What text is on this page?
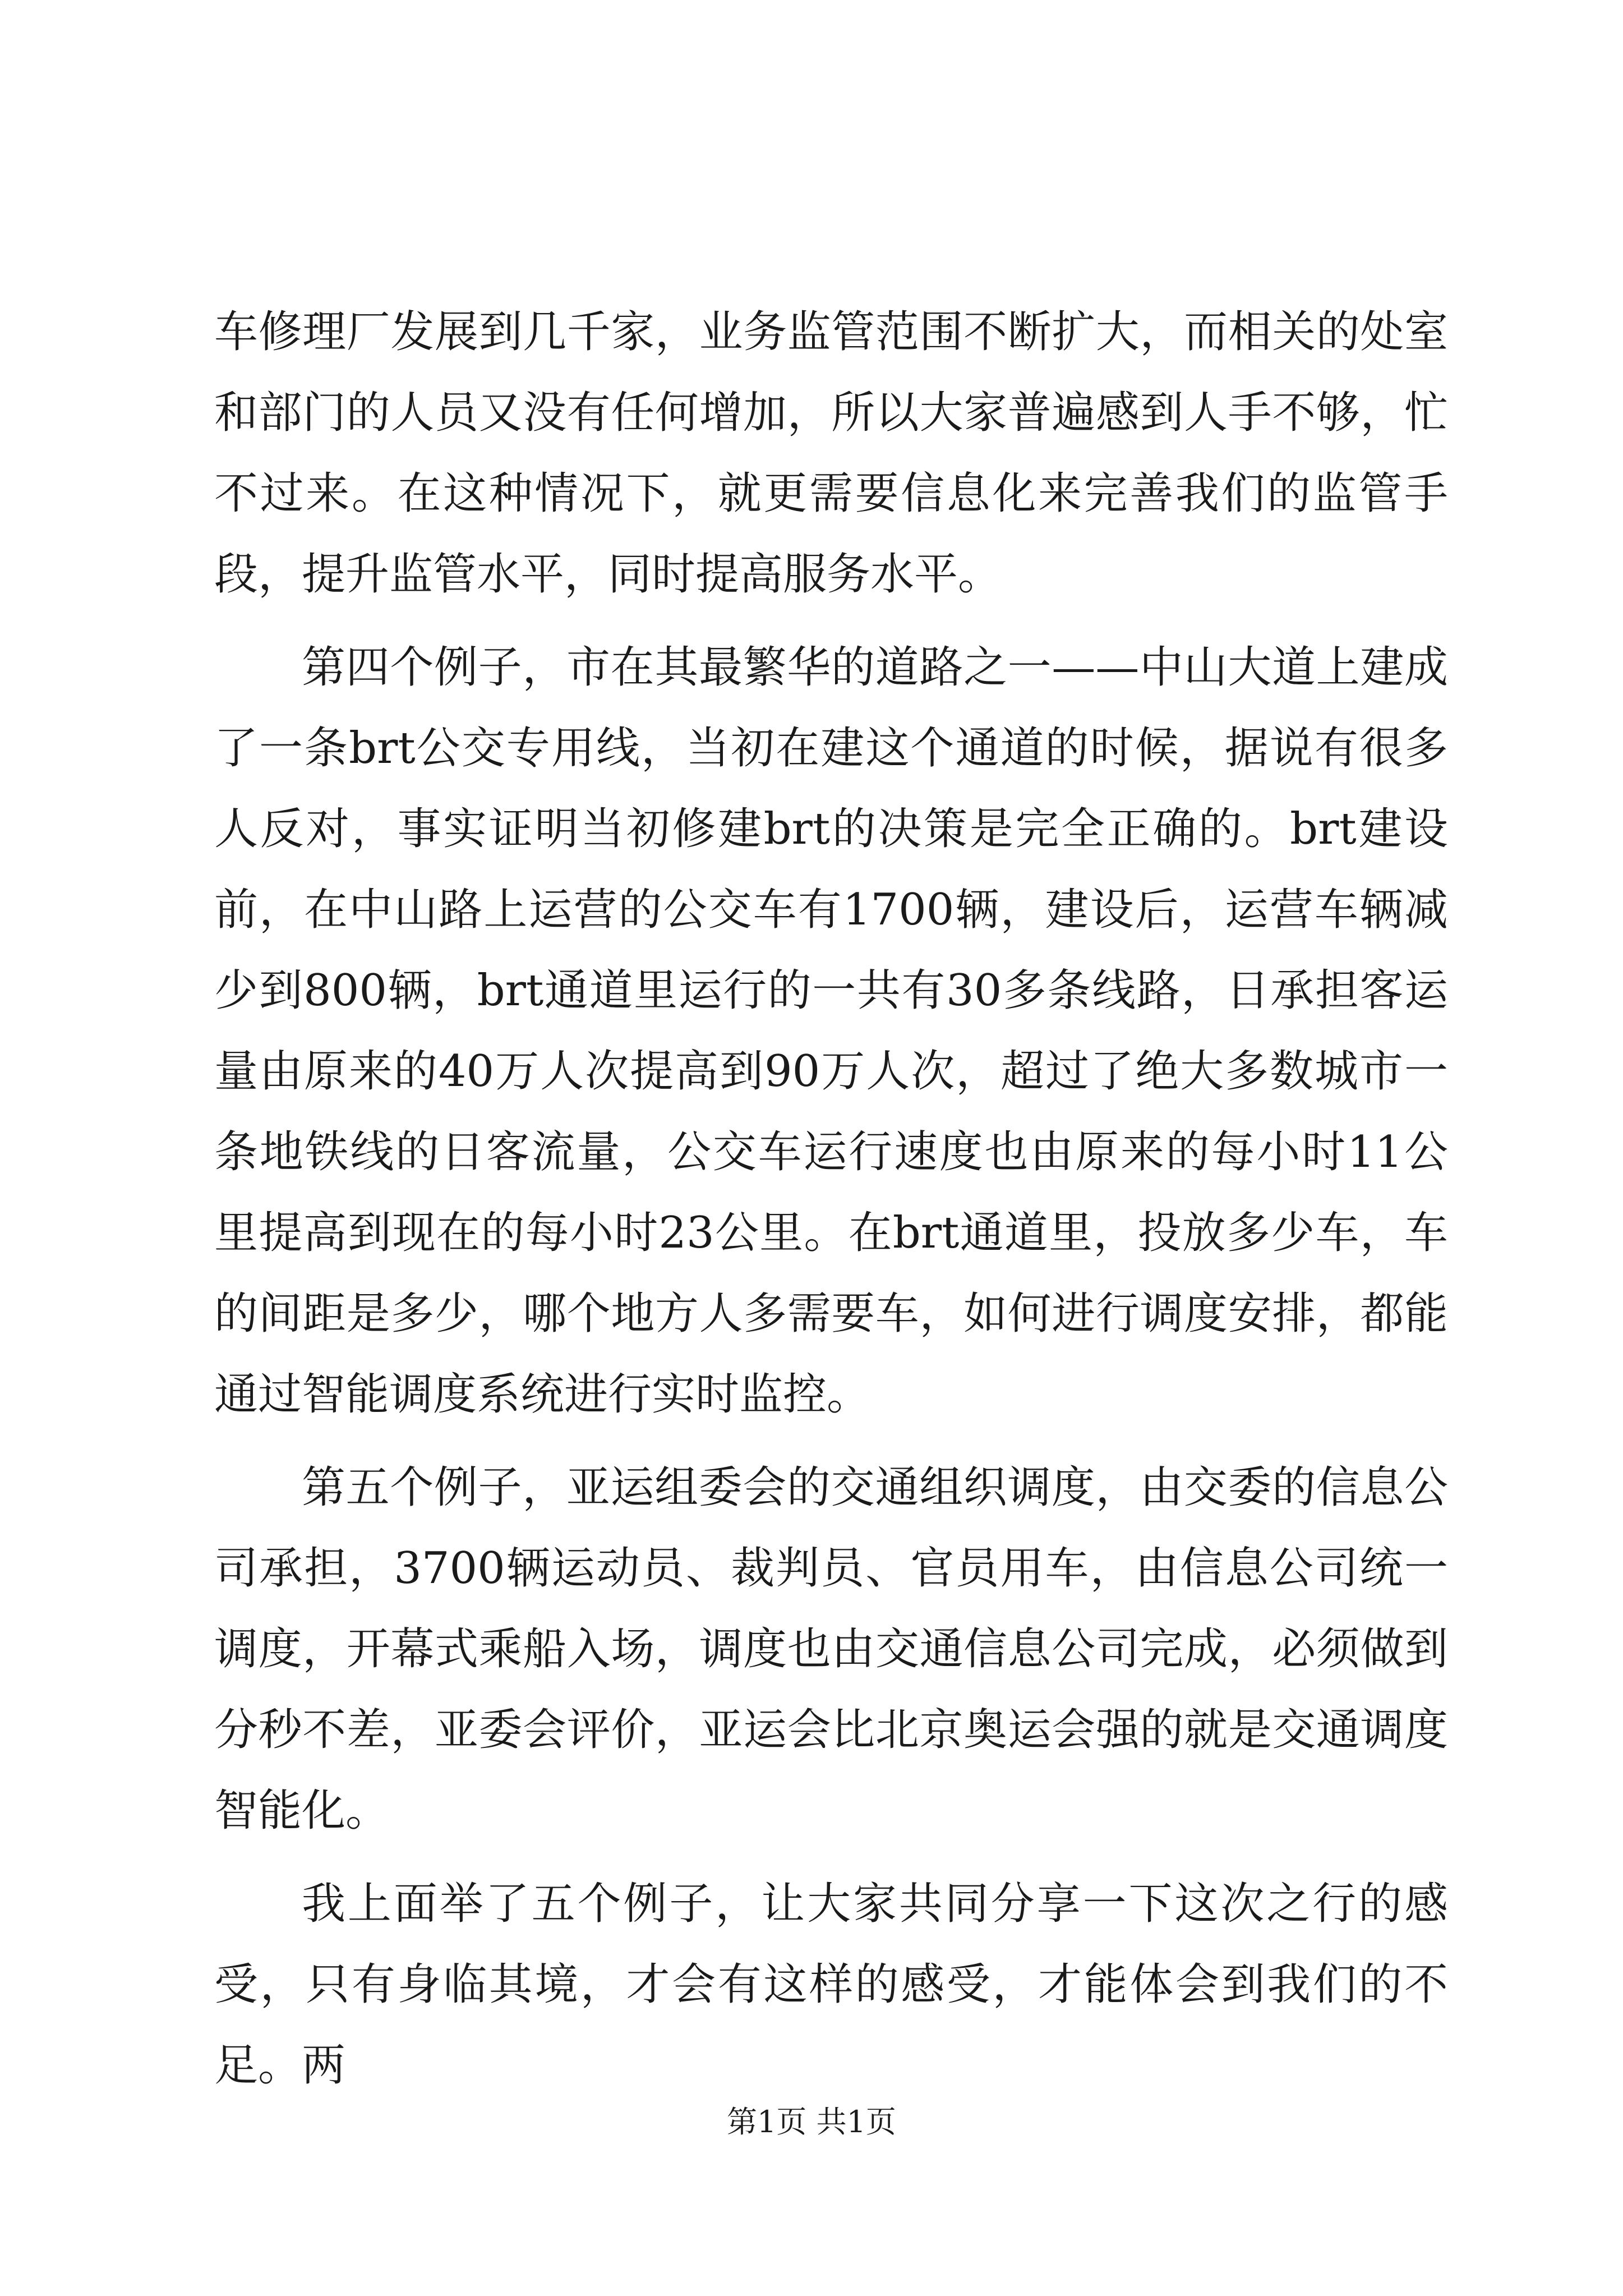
车修理厂发展到几千家，业务监管范围不断扩大，而相关的处室和部门的人员又没有任何增加，所以大家普遍感到人手不够，忙不过来。在这种情况下，就更需要信息化来完善我们的监管手段，提升监管水平，同时提高服务水平。

第四个例子，市在其最繁华的道路之一——中山大道上建成了一条brt公交专用线，当初在建这个通道的时候，据说有很多人反对，事实证明当初修建brt的决策是完全正确的。brt建设前，在中山路上运营的公交车有1700辆，建设后，运营车辆减少到800辆，brt通道里运行的一共有30多条线路，日承担客运量由原来的40万人次提高到90万人次，超过了绝大多数城市一条地铁线的日客流量，公交车运行速度也由原来的每小时11公里提高到现在的每小时23公里。在brt通道里，投放多少车，车的间距是多少，哪个地方人多需要车，如何进行调度安排，都能通过智能调度系统进行实时监控。

第五个例子，亚运组委会的交通组织调度，由交委的信息公司承担，3700辆运动员、裁判员、官员用车，由信息公司统一调度，开幕式乘船入场，调度也由交通信息公司完成，必须做到分秒不差，亚委会评价，亚运会比北京奥运会强的就是交通调度智能化。

我上面举了五个例子，让大家共同分享一下这次之行的感受，只有身临其境，才会有这样的感受，才能体会到我们的不足。两

第1页 共1页
